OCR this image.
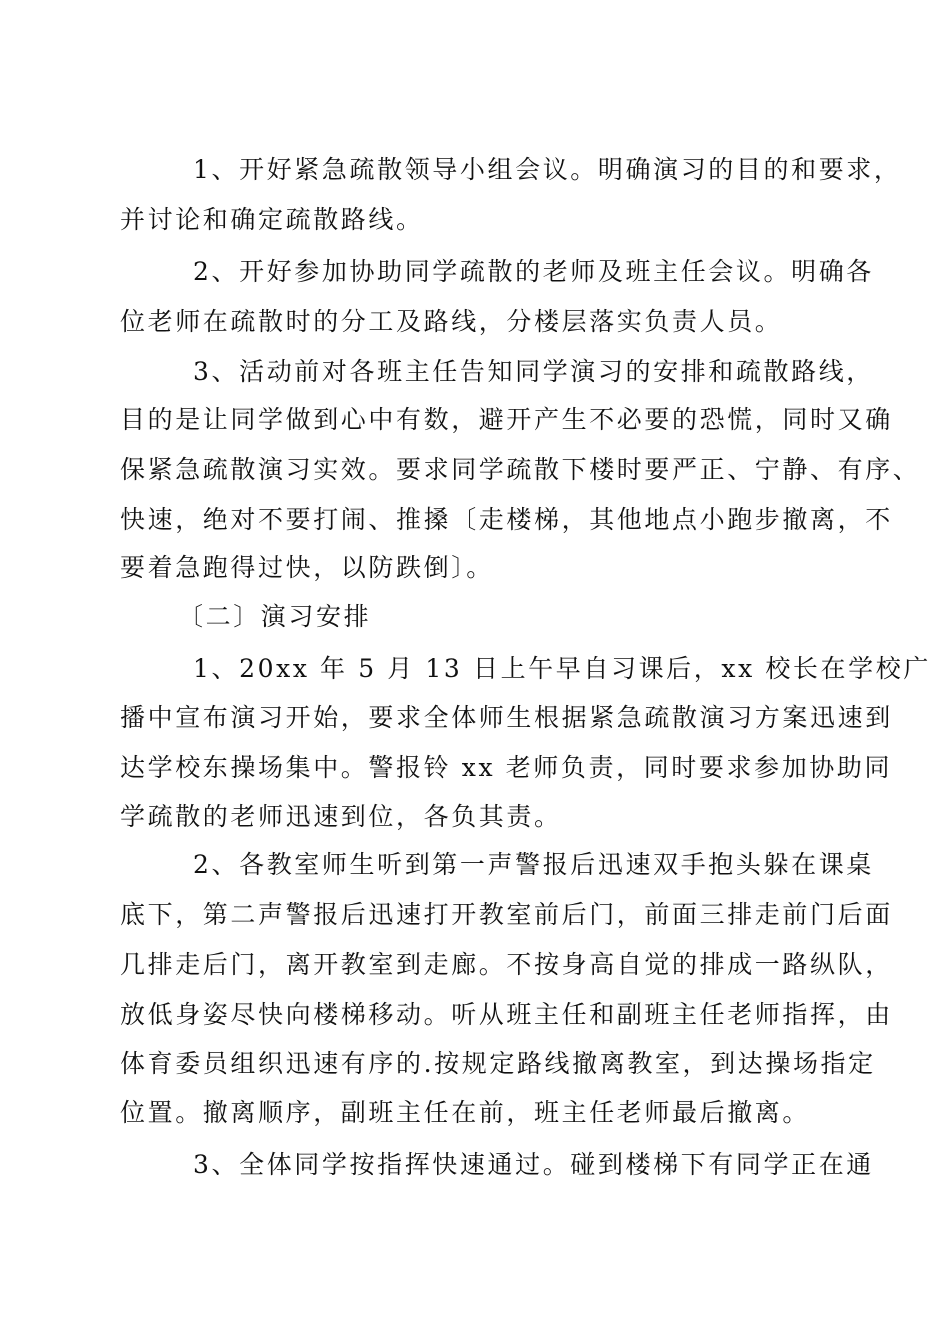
1、开好紧急疏散领导小组会议。明确演习的目的和要求，
并讨论和确定疏散路线。
2、开好参加协助同学疏散的老师及班主任会议。明确各
位老师在疏散时的分工及路线，分楼层落实负责人员。
3、活动前对各班主任告知同学演习的安排和疏散路线，
目的是让同学做到心中有数，避开产生不必要的恐慌，同时又确
保紧急疏散演习实效。要求同学疏散下楼时要严正、宁静、有序、
快速，绝对不要打闹、推搡〔走楼梯，其他地点小跑步撤离，不
要着急跑得过快，以防跌倒〕。
〔二〕演习安排
1、20xx 年 5 月 13 日上午早自习课后，xx 校长在学校广
播中宣布演习开始，要求全体师生根据紧急疏散演习方案迅速到
达学校东操场集中。警报铃 xx 老师负责，同时要求参加协助同
学疏散的老师迅速到位，各负其责。
2、各教室师生听到第一声警报后迅速双手抱头躲在课桌
底下，第二声警报后迅速打开教室前后门，前面三排走前门后面
几排走后门，离开教室到走廊。不按身高自觉的排成一路纵队，
放低身姿尽快向楼梯移动。听从班主任和副班主任老师指挥，由
体育委员组织迅速有序的.按规定路线撤离教室，到达操场指定
位置。撤离顺序，副班主任在前，班主任老师最后撤离。
3、全体同学按指挥快速通过。碰到楼梯下有同学正在通
